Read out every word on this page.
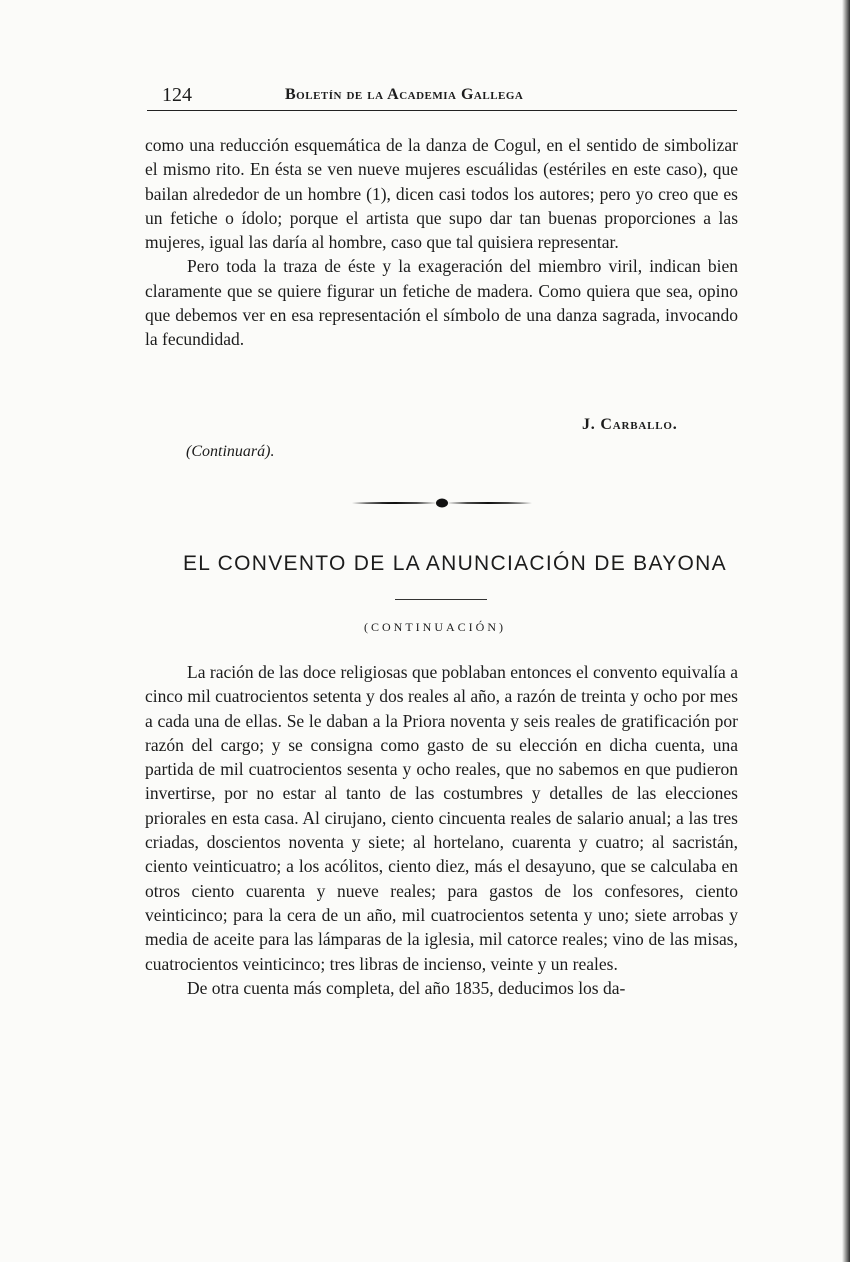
124	Boletín de la Academia Gallega

como una reducción esquemática de la danza de Cogul, en el sentido de simbolizar el mismo rito. En ésta se ven nueve mujeres escuálidas (estériles en este caso), que bailan alrededor de un hombre (1), dicen casi todos los autores; pero yo creo que es un fetiche o ídolo; porque el artista que supo dar tan buenas proporciones a las mujeres, igual las daría al hombre, caso que tal quisiera representar.

Pero toda la traza de éste y la exageración del miembro viril, indican bien claramente que se quiere figurar un fetiche de madera. Como quiera que sea, opino que debemos ver en esa representación el símbolo de una danza sagrada, invocando la fecundidad.

J. Carballo.
(Continuará).
EL CONVENTO DE LA ANUNCIACIÓN DE BAYONA
(CONTINUACIÓN)

La ración de las doce religiosas que poblaban entonces el convento equivalía a cinco mil cuatrocientos setenta y dos reales al año, a razón de treinta y ocho por mes a cada una de ellas. Se le daban a la Priora noventa y seis reales de gratificación por razón del cargo; y se consigna como gasto de su elección en dicha cuenta, una partida de mil cuatrocientos sesenta y ocho reales, que no sabemos en que pudieron invertirse, por no estar al tanto de las costumbres y detalles de las elecciones priorales en esta casa. Al cirujano, ciento cincuenta reales de salario anual; a las tres criadas, doscientos noventa y siete; al hortelano, cuarenta y cuatro; al sacristán, ciento veinticuatro; a los acólitos, ciento diez, más el desayuno, que se calculaba en otros ciento cuarenta y nueve reales; para gastos de los confesores, ciento veinticinco; para la cera de un año, mil cuatrocientos setenta y uno; siete arrobas y media de aceite para las lámparas de la iglesia, mil catorce reales; vino de las misas, cuatrocientos veinticinco; tres libras de incienso, veinte y un reales.

De otra cuenta más completa, del año 1835, deducimos los da-
